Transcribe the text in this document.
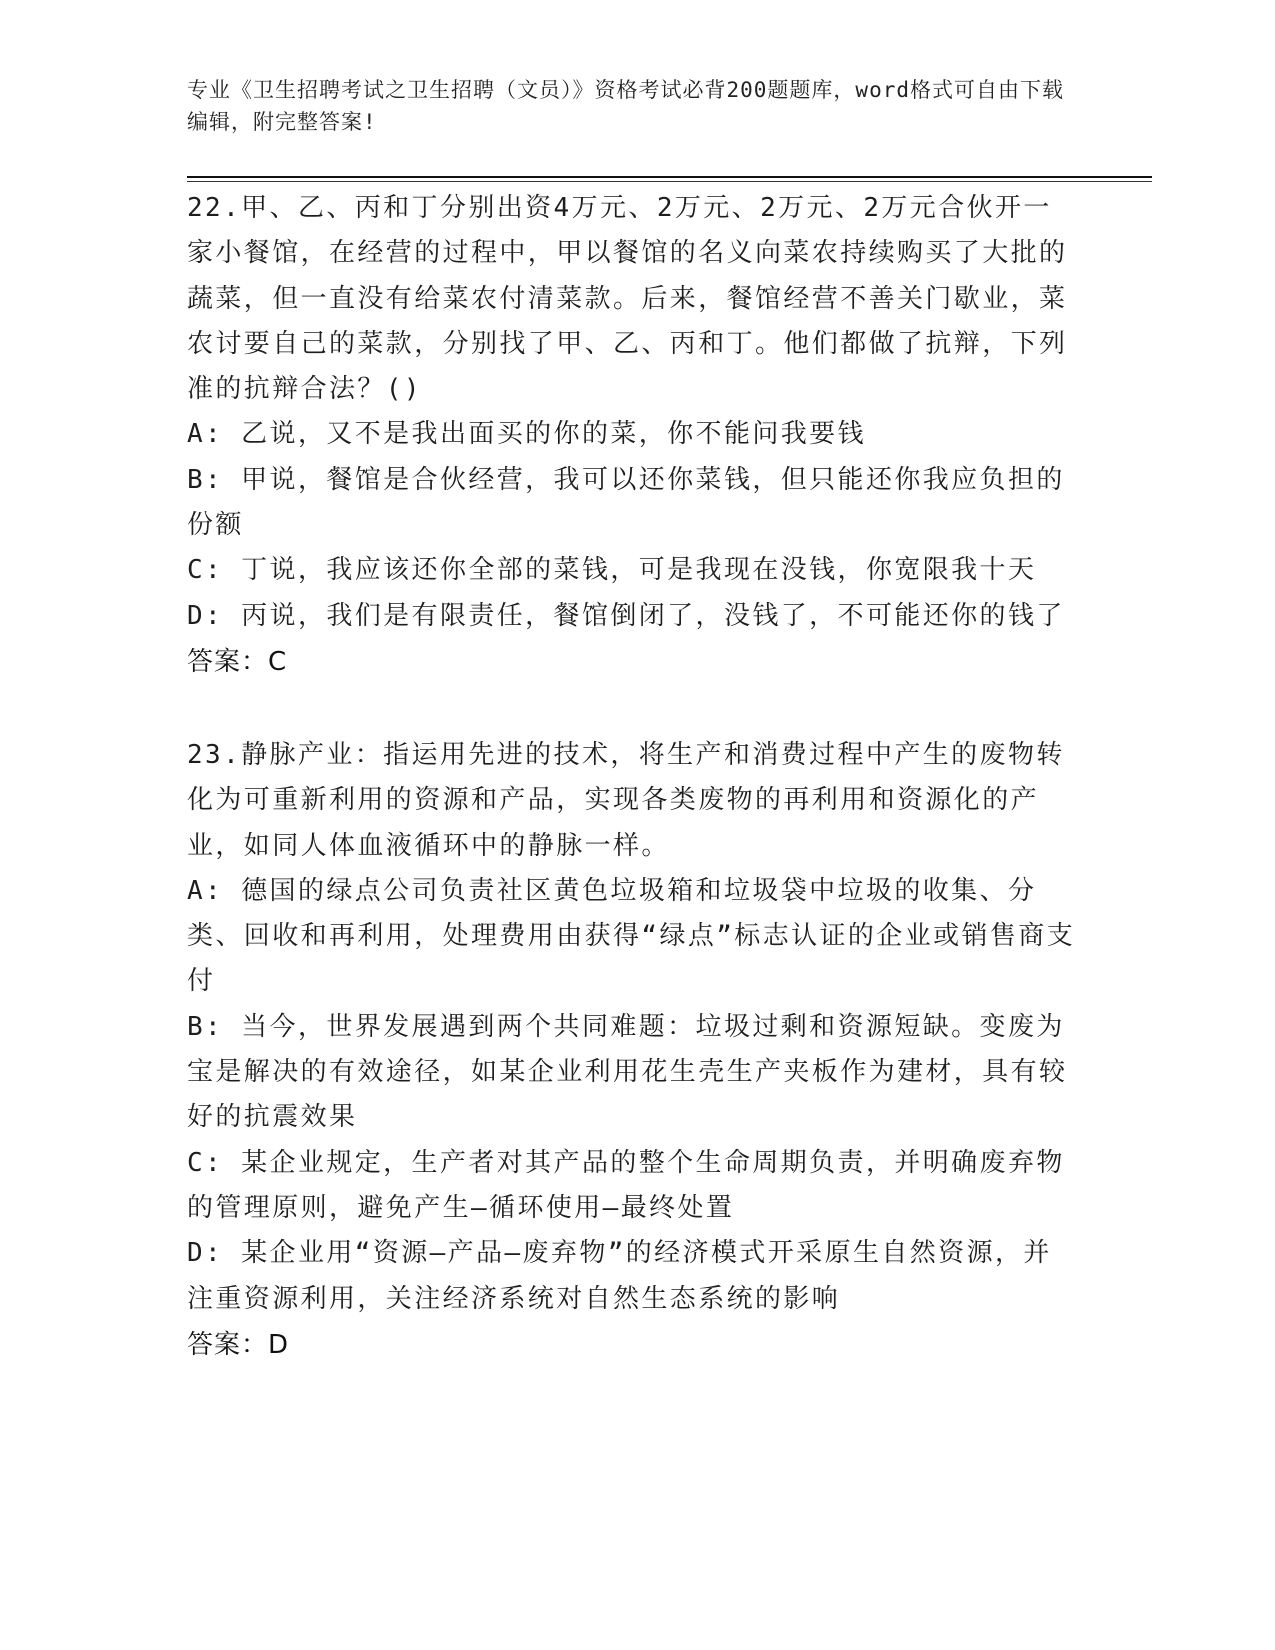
专业《卫生招聘考试之卫生招聘（文员）》资格考试必背200题题库，word格式可自由下载编辑，附完整答案!

22.甲、乙、丙和丁分别出资4万元、2万元、2万元、2万元合伙开一家小餐馆，在经营的过程中，甲以餐馆的名义向菜农持续购买了大批的蔬菜，但一直没有给菜农付清菜款。后来，餐馆经营不善关门歇业，菜农讨要自己的菜款，分别找了甲、乙、丙和丁。他们都做了抗辩，下列准的抗辩合法？()

A: 乙说，又不是我出面买的你的菜，你不能问我要钱

B: 甲说，餐馆是合伙经营，我可以还你菜钱，但只能还你我应负担的份额

C: 丁说，我应该还你全部的菜钱，可是我现在没钱，你宽限我十天

D: 丙说，我们是有限责任，餐馆倒闭了，没钱了，不可能还你的钱了

答案：C

23.静脉产业：指运用先进的技术，将生产和消费过程中产生的废物转化为可重新利用的资源和产品，实现各类废物的再利用和资源化的产业，如同人体血液循环中的静脉一样。

A: 德国的绿点公司负责社区黄色垃圾箱和垃圾袋中垃圾的收集、分类、回收和再利用，处理费用由获得“绿点”标志认证的企业或销售商支付

B: 当今，世界发展遇到两个共同难题：垃圾过剩和资源短缺。变废为宝是解决的有效途径，如某企业利用花生壳生产夹板作为建材，具有较好的抗震效果

C: 某企业规定，生产者对其产品的整个生命周期负责，并明确废弃物的管理原则，避免产生—循环使用—最终处置

D: 某企业用“资源—产品—废弃物”的经济模式开采原生自然资源，并注重资源利用，关注经济系统对自然生态系统的影响

答案：D
